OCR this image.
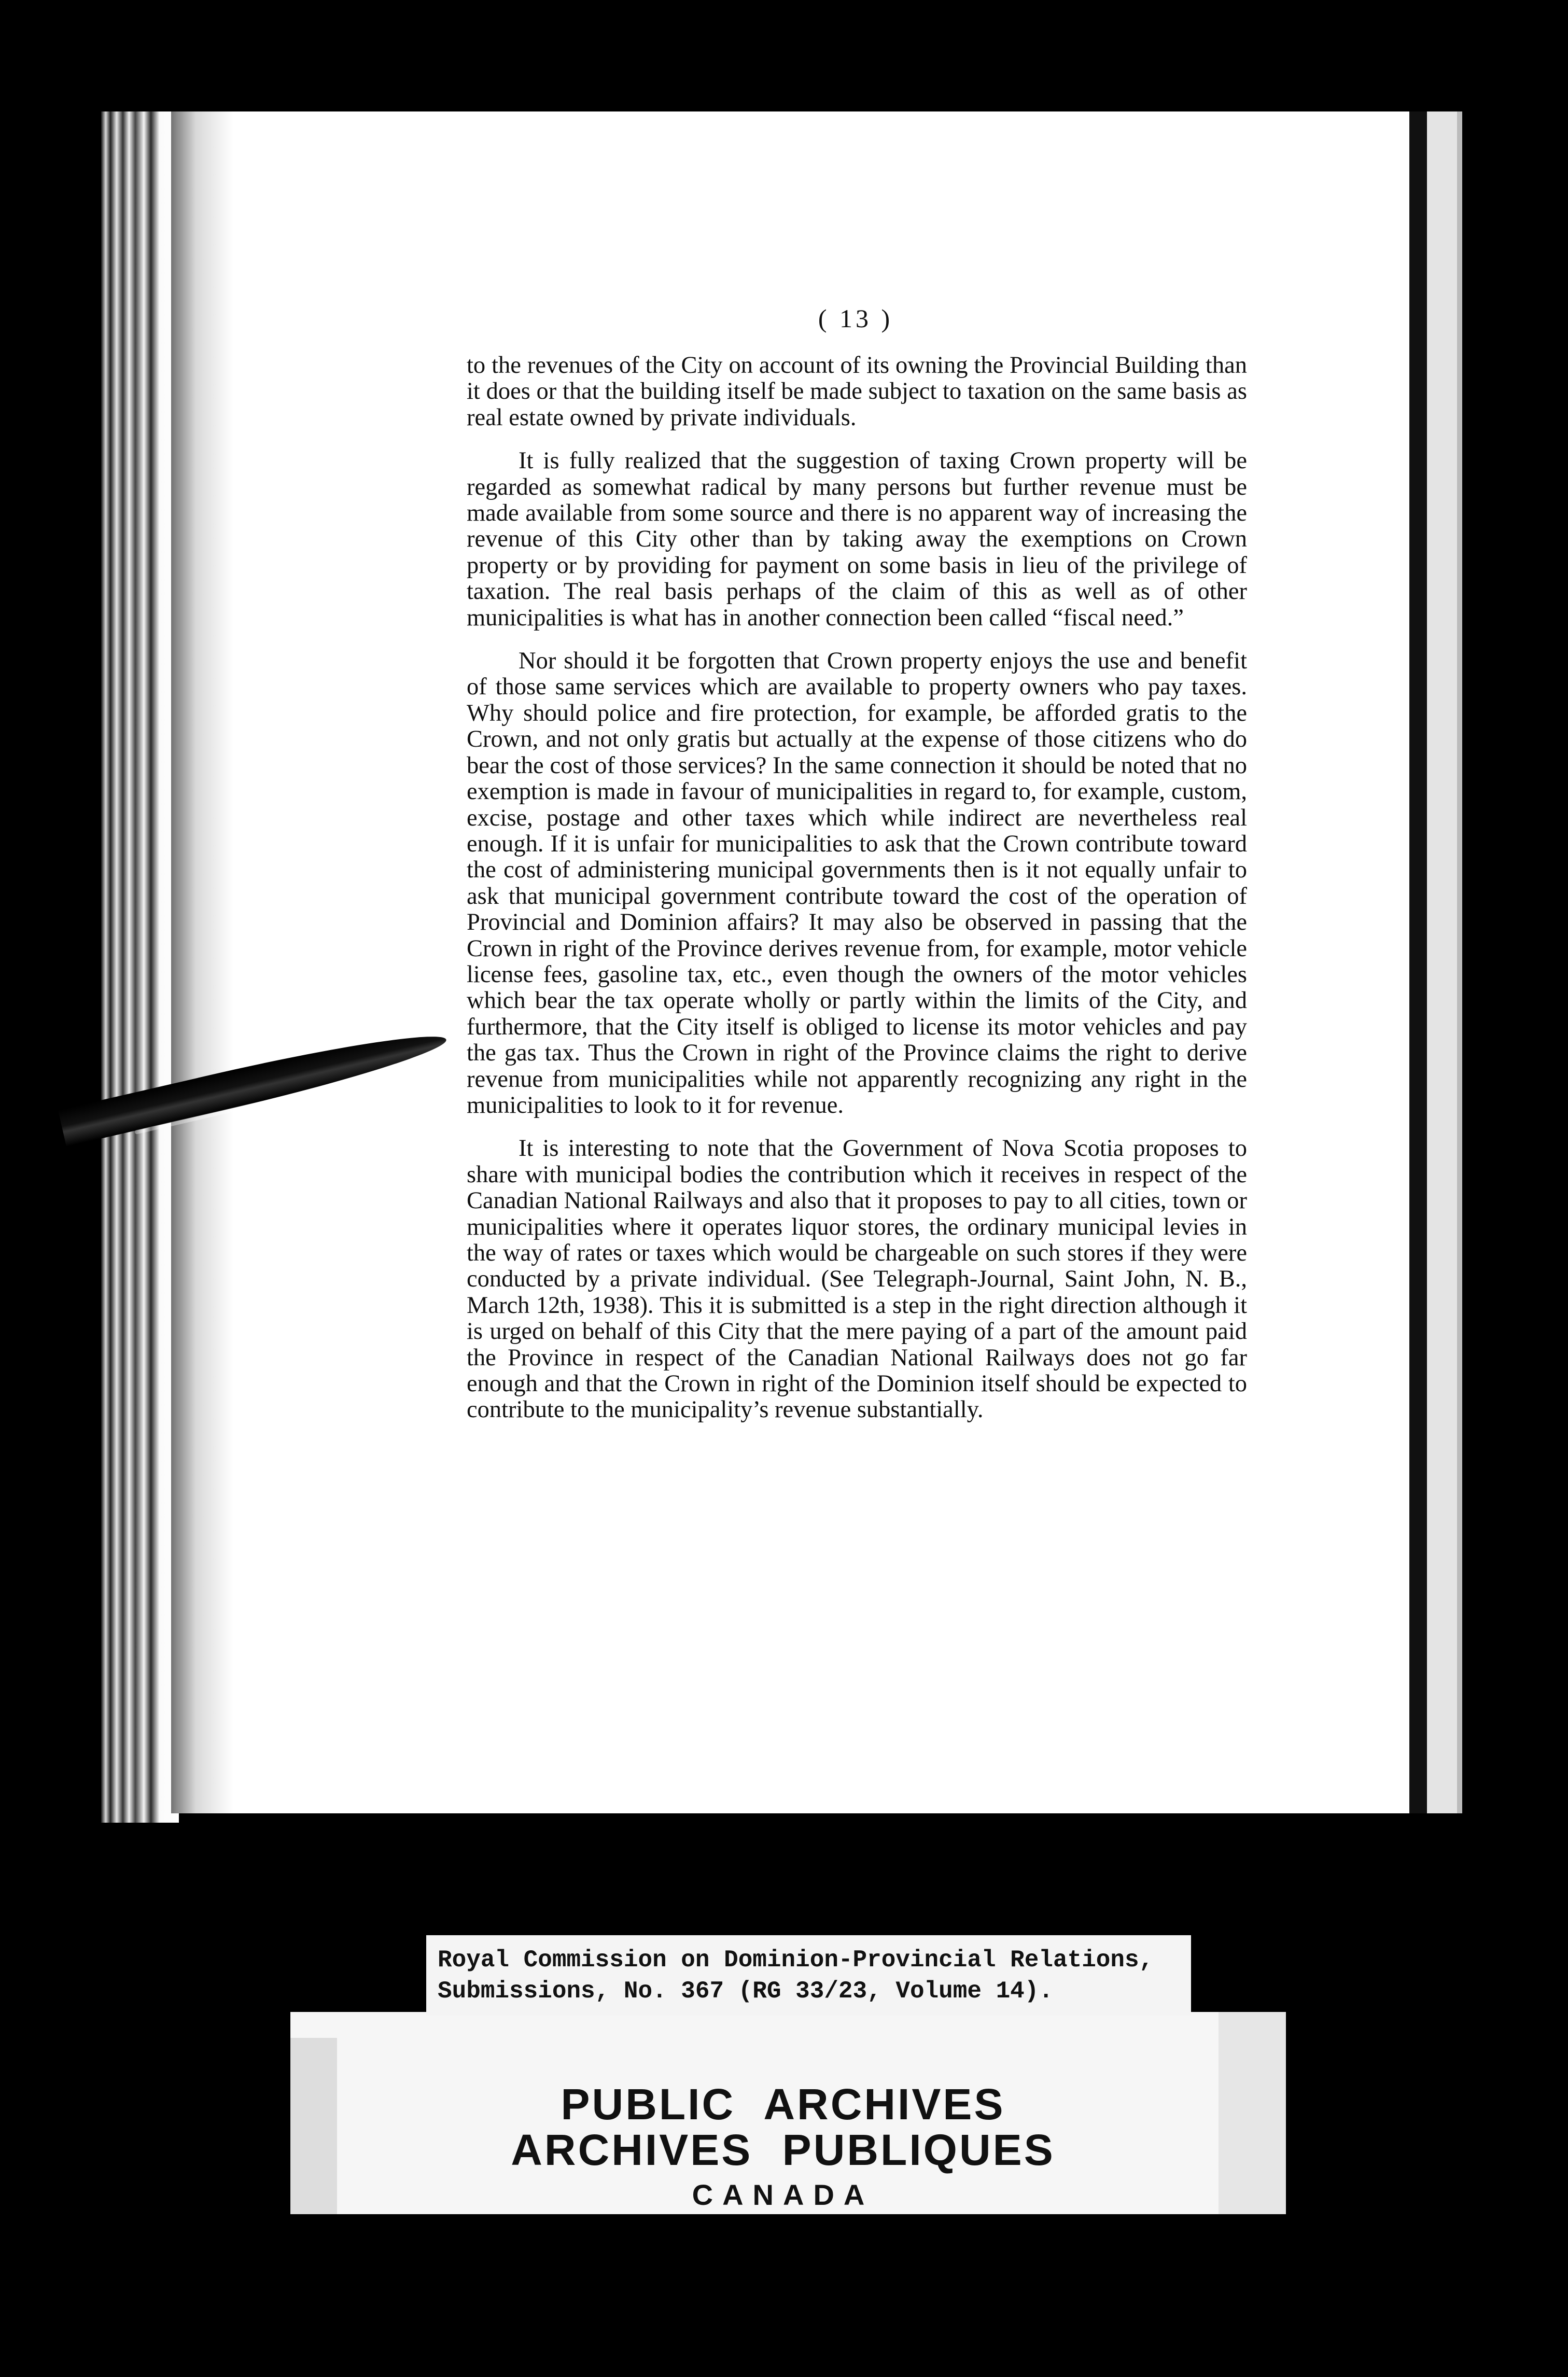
( 13 )

to the revenues of the City on account of its owning the Provincial Building than it does or that the building itself be made subject to taxation on the same basis as real estate owned by private individuals.

It is fully realized that the suggestion of taxing Crown property will be regarded as somewhat radical by many persons but further revenue must be made available from some source and there is no apparent way of increasing the revenue of this City other than by taking away the exemptions on Crown property or by providing for payment on some basis in lieu of the privilege of taxation. The real basis perhaps of the claim of this as well as of other municipalities is what has in another connection been called “fiscal need.”

Nor should it be forgotten that Crown property enjoys the use and benefit of those same services which are available to property owners who pay taxes. Why should police and fire protection, for example, be afforded gratis to the Crown, and not only gratis but actually at the expense of those citizens who do bear the cost of those services? In the same connection it should be noted that no exemption is made in favour of municipalities in regard to, for example, custom, excise, postage and other taxes which while indirect are nevertheless real enough. If it is unfair for municipalities to ask that the Crown contribute toward the cost of administering municipal governments then is it not equally unfair to ask that municipal government contribute toward the cost of the operation of Provincial and Dominion affairs? It may also be observed in passing that the Crown in right of the Province derives revenue from, for example, motor vehicle license fees, gasoline tax, etc., even though the owners of the motor vehicles which bear the tax operate wholly or partly within the limits of the City, and furthermore, that the City itself is obliged to license its motor vehicles and pay the gas tax. Thus the Crown in right of the Province claims the right to derive revenue from municipalities while not apparently recognizing any right in the municipalities to look to it for revenue.

It is interesting to note that the Government of Nova Scotia proposes to share with municipal bodies the contribution which it receives in respect of the Canadian National Railways and also that it proposes to pay to all cities, town or municipalities where it operates liquor stores, the ordinary municipal levies in the way of rates or taxes which would be chargeable on such stores if they were conducted by a private individual. (See Telegraph-Journal, Saint John, N. B., March 12th, 1938). This it is submitted is a step in the right direction although it is urged on behalf of this City that the mere paying of a part of the amount paid the Province in respect of the Canadian National Railways does not go far enough and that the Crown in right of the Dominion itself should be expected to contribute to the municipality’s revenue substantially.

Royal Commission on Dominion-Provincial Relations,
Submissions, No. 367 (RG 33/23, Volume 14).
PUBLIC ARCHIVES
ARCHIVES PUBLIQUES
CANADA
